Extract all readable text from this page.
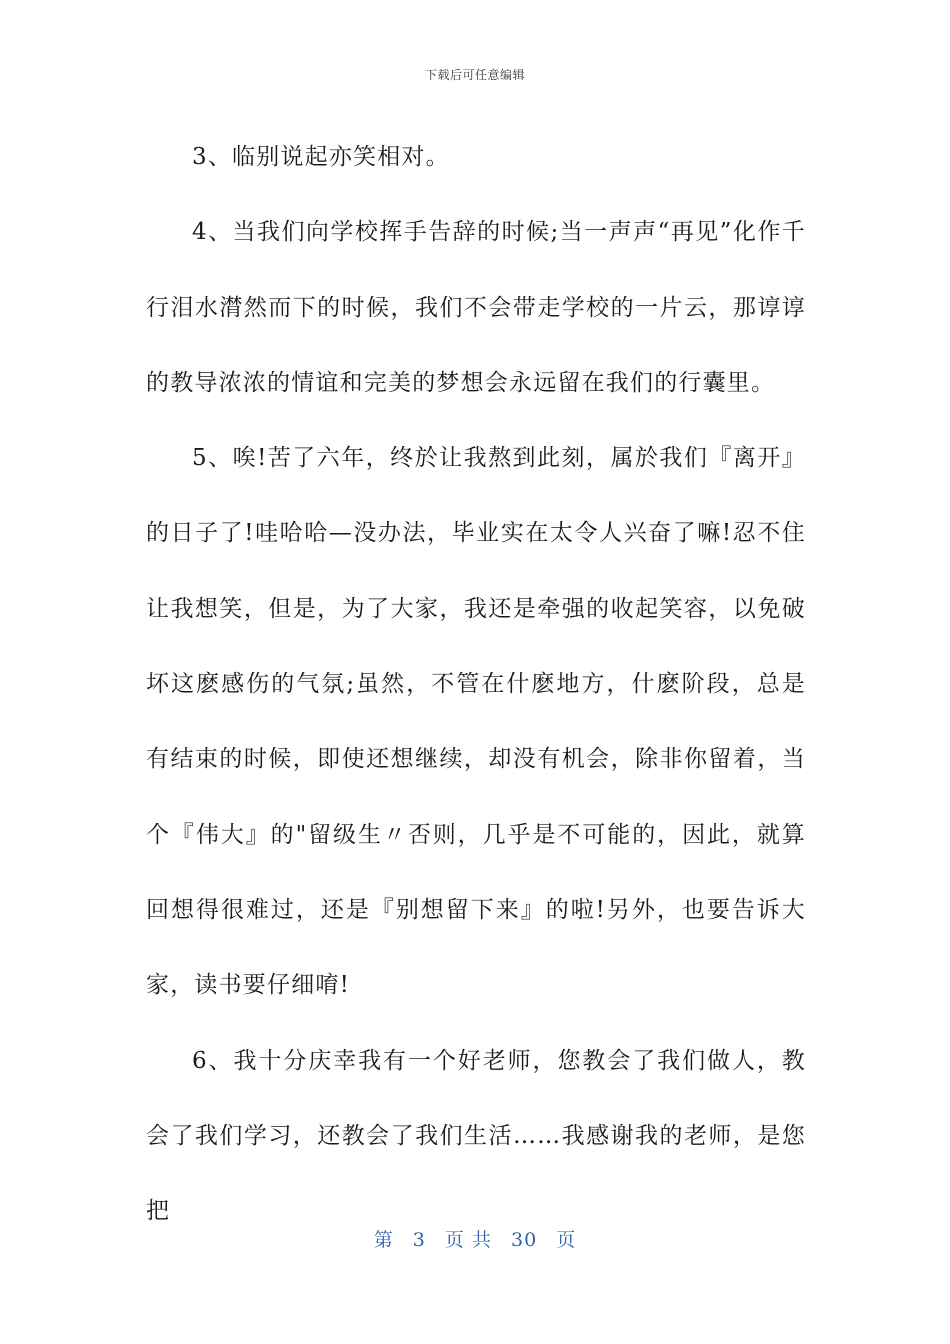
下载后可任意编辑

3、临别说起亦笑相对。

4、当我们向学校挥手告辞的时候;当一声声“再见”化作千行泪水潸然而下的时候，我们不会带走学校的一片云，那谆谆的教导浓浓的情谊和完美的梦想会永远留在我们的行囊里。

5、唉!苦了六年，终於让我熬到此刻，属於我们『离开』的日子了!哇哈哈—没办法，毕业实在太令人兴奋了嘛!忍不住让我想笑，但是，为了大家，我还是牵强的收起笑容，以免破坏这麽感伤的气氛;虽然，不管在什麽地方，什麽阶段，总是有结束的时候，即使还想继续，却没有机会，除非你留着，当个『伟大』的"留级生〃否则，几乎是不可能的，因此，就算回想得很难过，还是『别想留下来』的啦!另外，也要告诉大家，读书要仔细唷!

6、我十分庆幸我有一个好老师，您教会了我们做人，教会了我们学习，还教会了我们生活……我感谢我的老师，是您把

第 3 页 共 30 页
